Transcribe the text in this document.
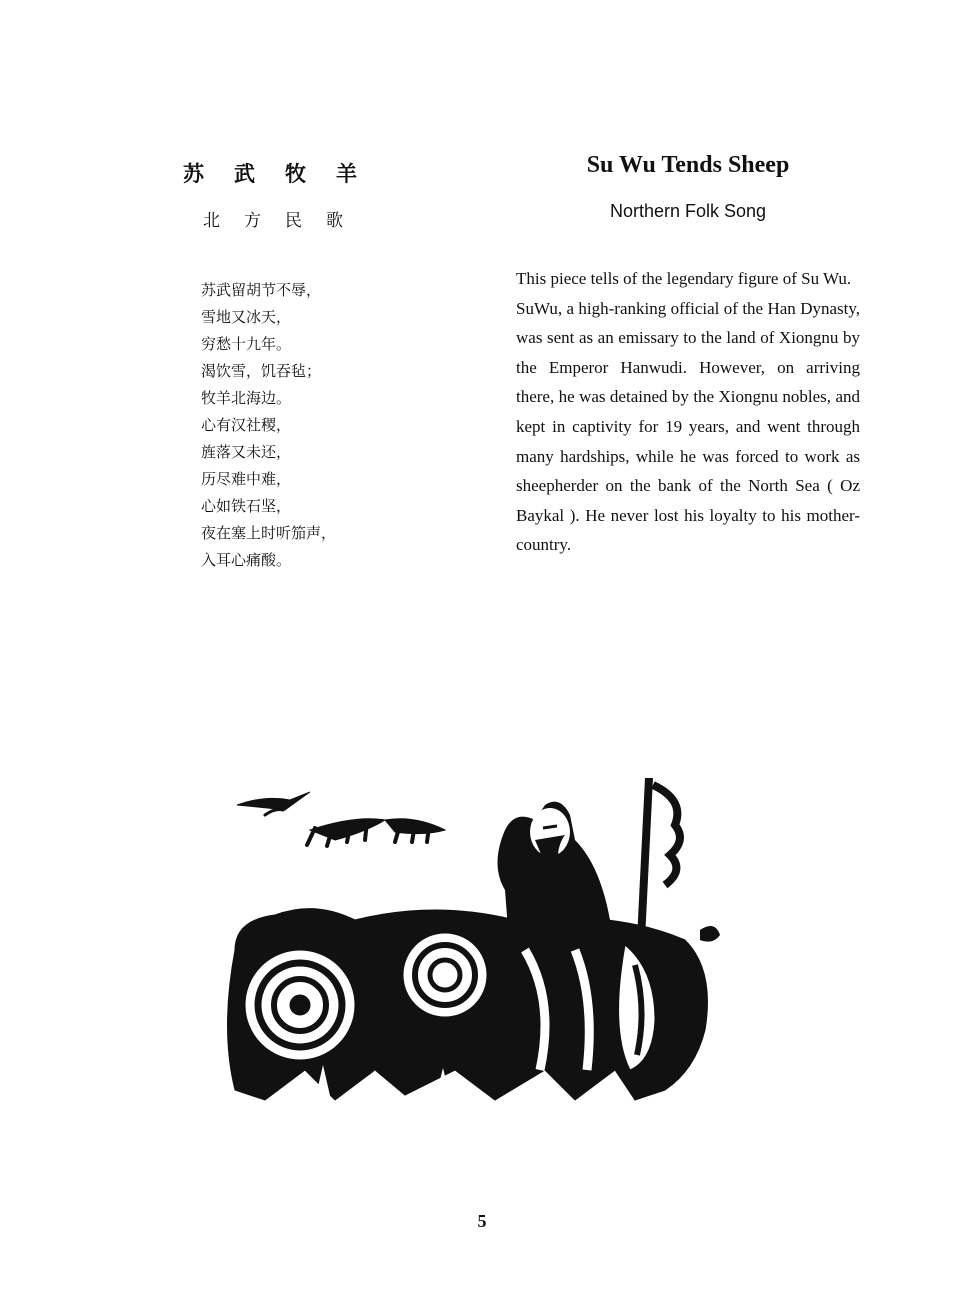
苏武牧羊
北方民歌
苏武留胡节不辱，
雪地又冰天，
穷愁十九年。
渴饮雪，饥吞毡；
牧羊北海边。
心有汉社稷，
旌落又未还，
历尽难中难，
心如铁石坚，
夜在塞上时听笳声，
入耳心痛酸。
Su Wu Tends Sheep
Northern Folk Song

This piece tells of the legendary figure of Su Wu.

SuWu, a high-ranking official of the Han Dynasty, was sent as an emissary to the land of Xiongnu by the Emperor Hanwudi. However, on arriving there, he was detained by the Xiongnu nobles, and kept in captivity for 19 years, and went through many hardships, while he was forced to work as sheepherder on the bank of the North Sea ( Oz Baykal ). He never lost his loyalty to his mother-country.

5
